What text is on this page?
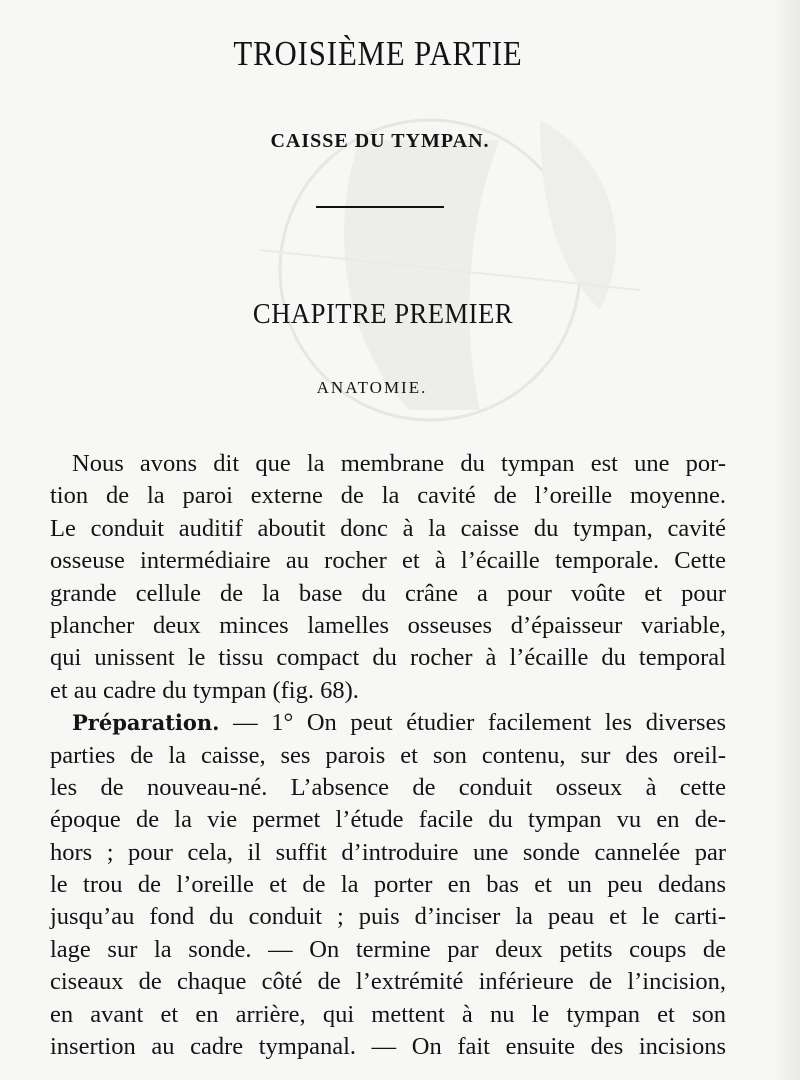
TROISIÈME PARTIE
CAISSE DU TYMPAN.
CHAPITRE PREMIER
ANATOMIE.
Nous avons dit que la membrane du tympan est une por-
tion de la paroi externe de la cavité de l’oreille moyenne.
Le conduit auditif aboutit donc à la caisse du tympan, cavité
osseuse intermédiaire au rocher et à l’écaille temporale. Cette
grande cellule de la base du crâne a pour voûte et pour
plancher deux minces lamelles osseuses d’épaisseur variable,
qui unissent le tissu compact du rocher à l’écaille du temporal
et au cadre du tympan (fig. 68).
Préparation. — 1° On peut étudier facilement les diverses
parties de la caisse, ses parois et son contenu, sur des oreil-
les de nouveau-né. L’absence de conduit osseux à cette
époque de la vie permet l’étude facile du tympan vu en de-
hors ; pour cela, il suffit d’introduire une sonde cannelée par
le trou de l’oreille et de la porter en bas et un peu dedans
jusqu’au fond du conduit ; puis d’inciser la peau et le carti-
lage sur la sonde. — On termine par deux petits coups de
ciseaux de chaque côté de l’extrémité inférieure de l’incision,
en avant et en arrière, qui mettent à nu le tympan et son
insertion au cadre tympanal. — On fait ensuite des incisions
